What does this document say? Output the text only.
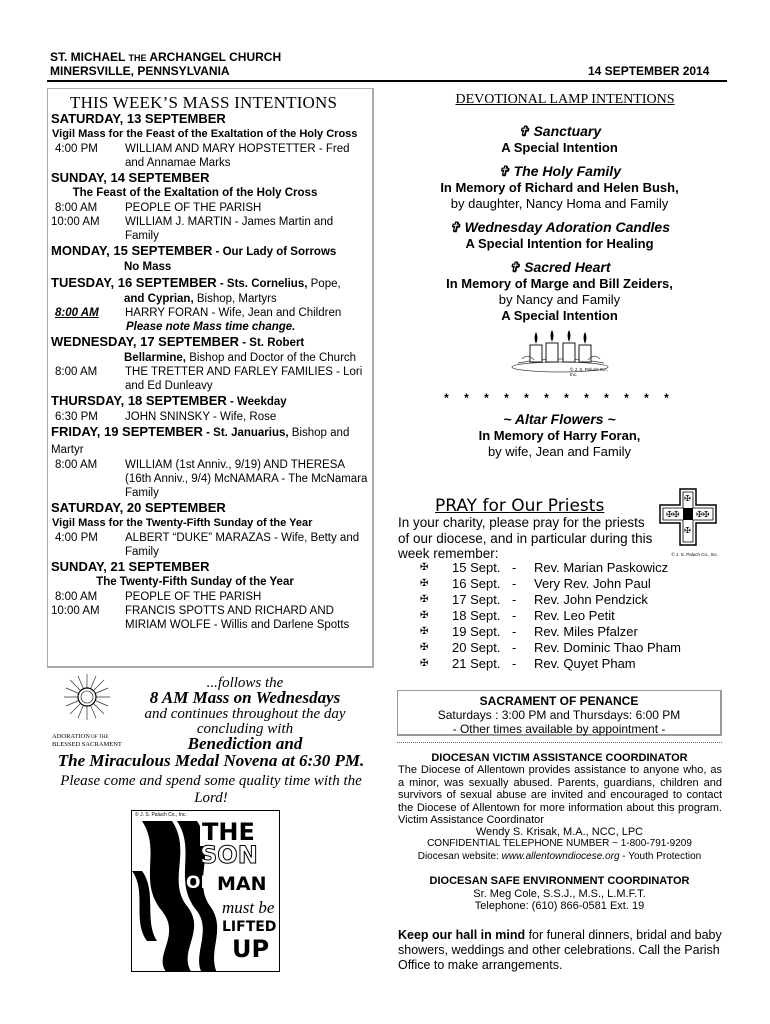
ST. MICHAEL THE ARCHANGEL CHURCH
MINERSVILLE, PENNSYLVANIA	14 SEPTEMBER 2014
THIS WEEK’S MASS INTENTIONS
SATURDAY, 13 SEPTEMBER
Vigil Mass for the Feast of the Exaltation of the Holy Cross
4:00 PM	WILLIAM AND MARY HOPSTETTER - Fred and Annamae Marks
SUNDAY, 14 SEPTEMBER
The Feast of the Exaltation of the Holy Cross
8:00 AM	PEOPLE OF THE PARISH
10:00 AM	WILLIAM J. MARTIN - James Martin and Family
MONDAY, 15 SEPTEMBER - Our Lady of Sorrows
No Mass
TUESDAY, 16 SEPTEMBER - Sts. Cornelius, Pope,
and Cyprian, Bishop, Martyrs
8:00 AM	HARRY FORAN - Wife, Jean and Children
Please note Mass time change.
WEDNESDAY, 17 SEPTEMBER - St. Robert
Bellarmine, Bishop and Doctor of the Church
8:00 AM	THE TRETTER AND FARLEY FAMILIES - Lori and Ed Dunleavy
THURSDAY, 18 SEPTEMBER - Weekday
6:30 PM	JOHN SNINSKY - Wife, Rose
FRIDAY, 19 SEPTEMBER - St. Januarius, Bishop and Martyr
8:00 AM	WILLIAM (1st Anniv., 9/19) AND THERESA (16th Anniv., 9/4) McNAMARA - The McNamara Family
SATURDAY, 20 SEPTEMBER
Vigil Mass for the Twenty-Fifth Sunday of the Year
4:00 PM	ALBERT “DUKE” MARAZAS - Wife, Betty and Family
SUNDAY, 21 SEPTEMBER
The Twenty-Fifth Sunday of the Year
8:00 AM	PEOPLE OF THE PARISH
10:00 AM	FRANCIS SPOTTS AND RICHARD AND MIRIAM WOLFE - Willis and Darlene Spotts
ADORATION OF THE
BLESSED SACRAMENT
...follows the
8 AM Mass on Wednesdays
and continues throughout the day
concluding with
Benediction and
The Miraculous Medal Novena at 6:30 PM.
Please come and spend some quality time with the Lord!
© J. S. Paluch Co., Inc.
THE
SON
OF MAN
must be
LIFTED
UP
DEVOTIONAL LAMP INTENTIONS
✞ Sanctuary
A Special Intention
✞ The Holy Family
In Memory of Richard and Helen Bush,
by daughter, Nancy Homa and Family
✞ Wednesday Adoration Candles
A Special Intention for Healing
✞ Sacred Heart
In Memory of Marge and Bill Zeiders,
by Nancy and Family
A Special Intention
© J. S. Paluch Co., Inc.
* * * * * * * * * * * *
~ Altar Flowers ~
In Memory of Harry Foran,
by wife, Jean and Family
PRAY for Our Priests
In your charity, please pray for the priests of our diocese, and in particular during this week remember:
✠✠ ✠✠
✠
✠
© J. S. Paluch Co., Inc.
✠	15 Sept. -	Rev. Marian Paskowicz
✠	16 Sept. -	Very Rev. John Paul
✠	17 Sept. -	Rev. John Pendzick
✠	18 Sept. -	Rev. Leo Petit
✠	19 Sept. -	Rev. Miles Pfalzer
✠	20 Sept. -	Rev. Dominic Thao Pham
✠	21 Sept. -	Rev. Quyet Pham
SACRAMENT OF PENANCE
Saturdays : 3:00 PM and Thursdays: 6:00 PM
- Other times available by appointment -
DIOCESAN VICTIM ASSISTANCE COORDINATOR
The Diocese of Allentown provides assistance to anyone who, as a minor, was sexually abused. Parents, guardians, children and survivors of sexual abuse are invited and encouraged to contact the Diocese of Allentown for more information about this program. Victim Assistance Coordinator
Wendy S. Krisak, M.A., NCC, LPC
CONFIDENTIAL TELEPHONE NUMBER ~ 1-800-791-9209
Diocesan website: www.allentowndiocese.org - Youth Protection
DIOCESAN SAFE ENVIRONMENT COORDINATOR
Sr. Meg Cole, S.S.J., M.S., L.M.F.T.
Telephone: (610) 866-0581 Ext. 19
Keep our hall in mind for funeral dinners, bridal and baby showers, weddings and other celebrations. Call the Parish Office to make arrangements.
